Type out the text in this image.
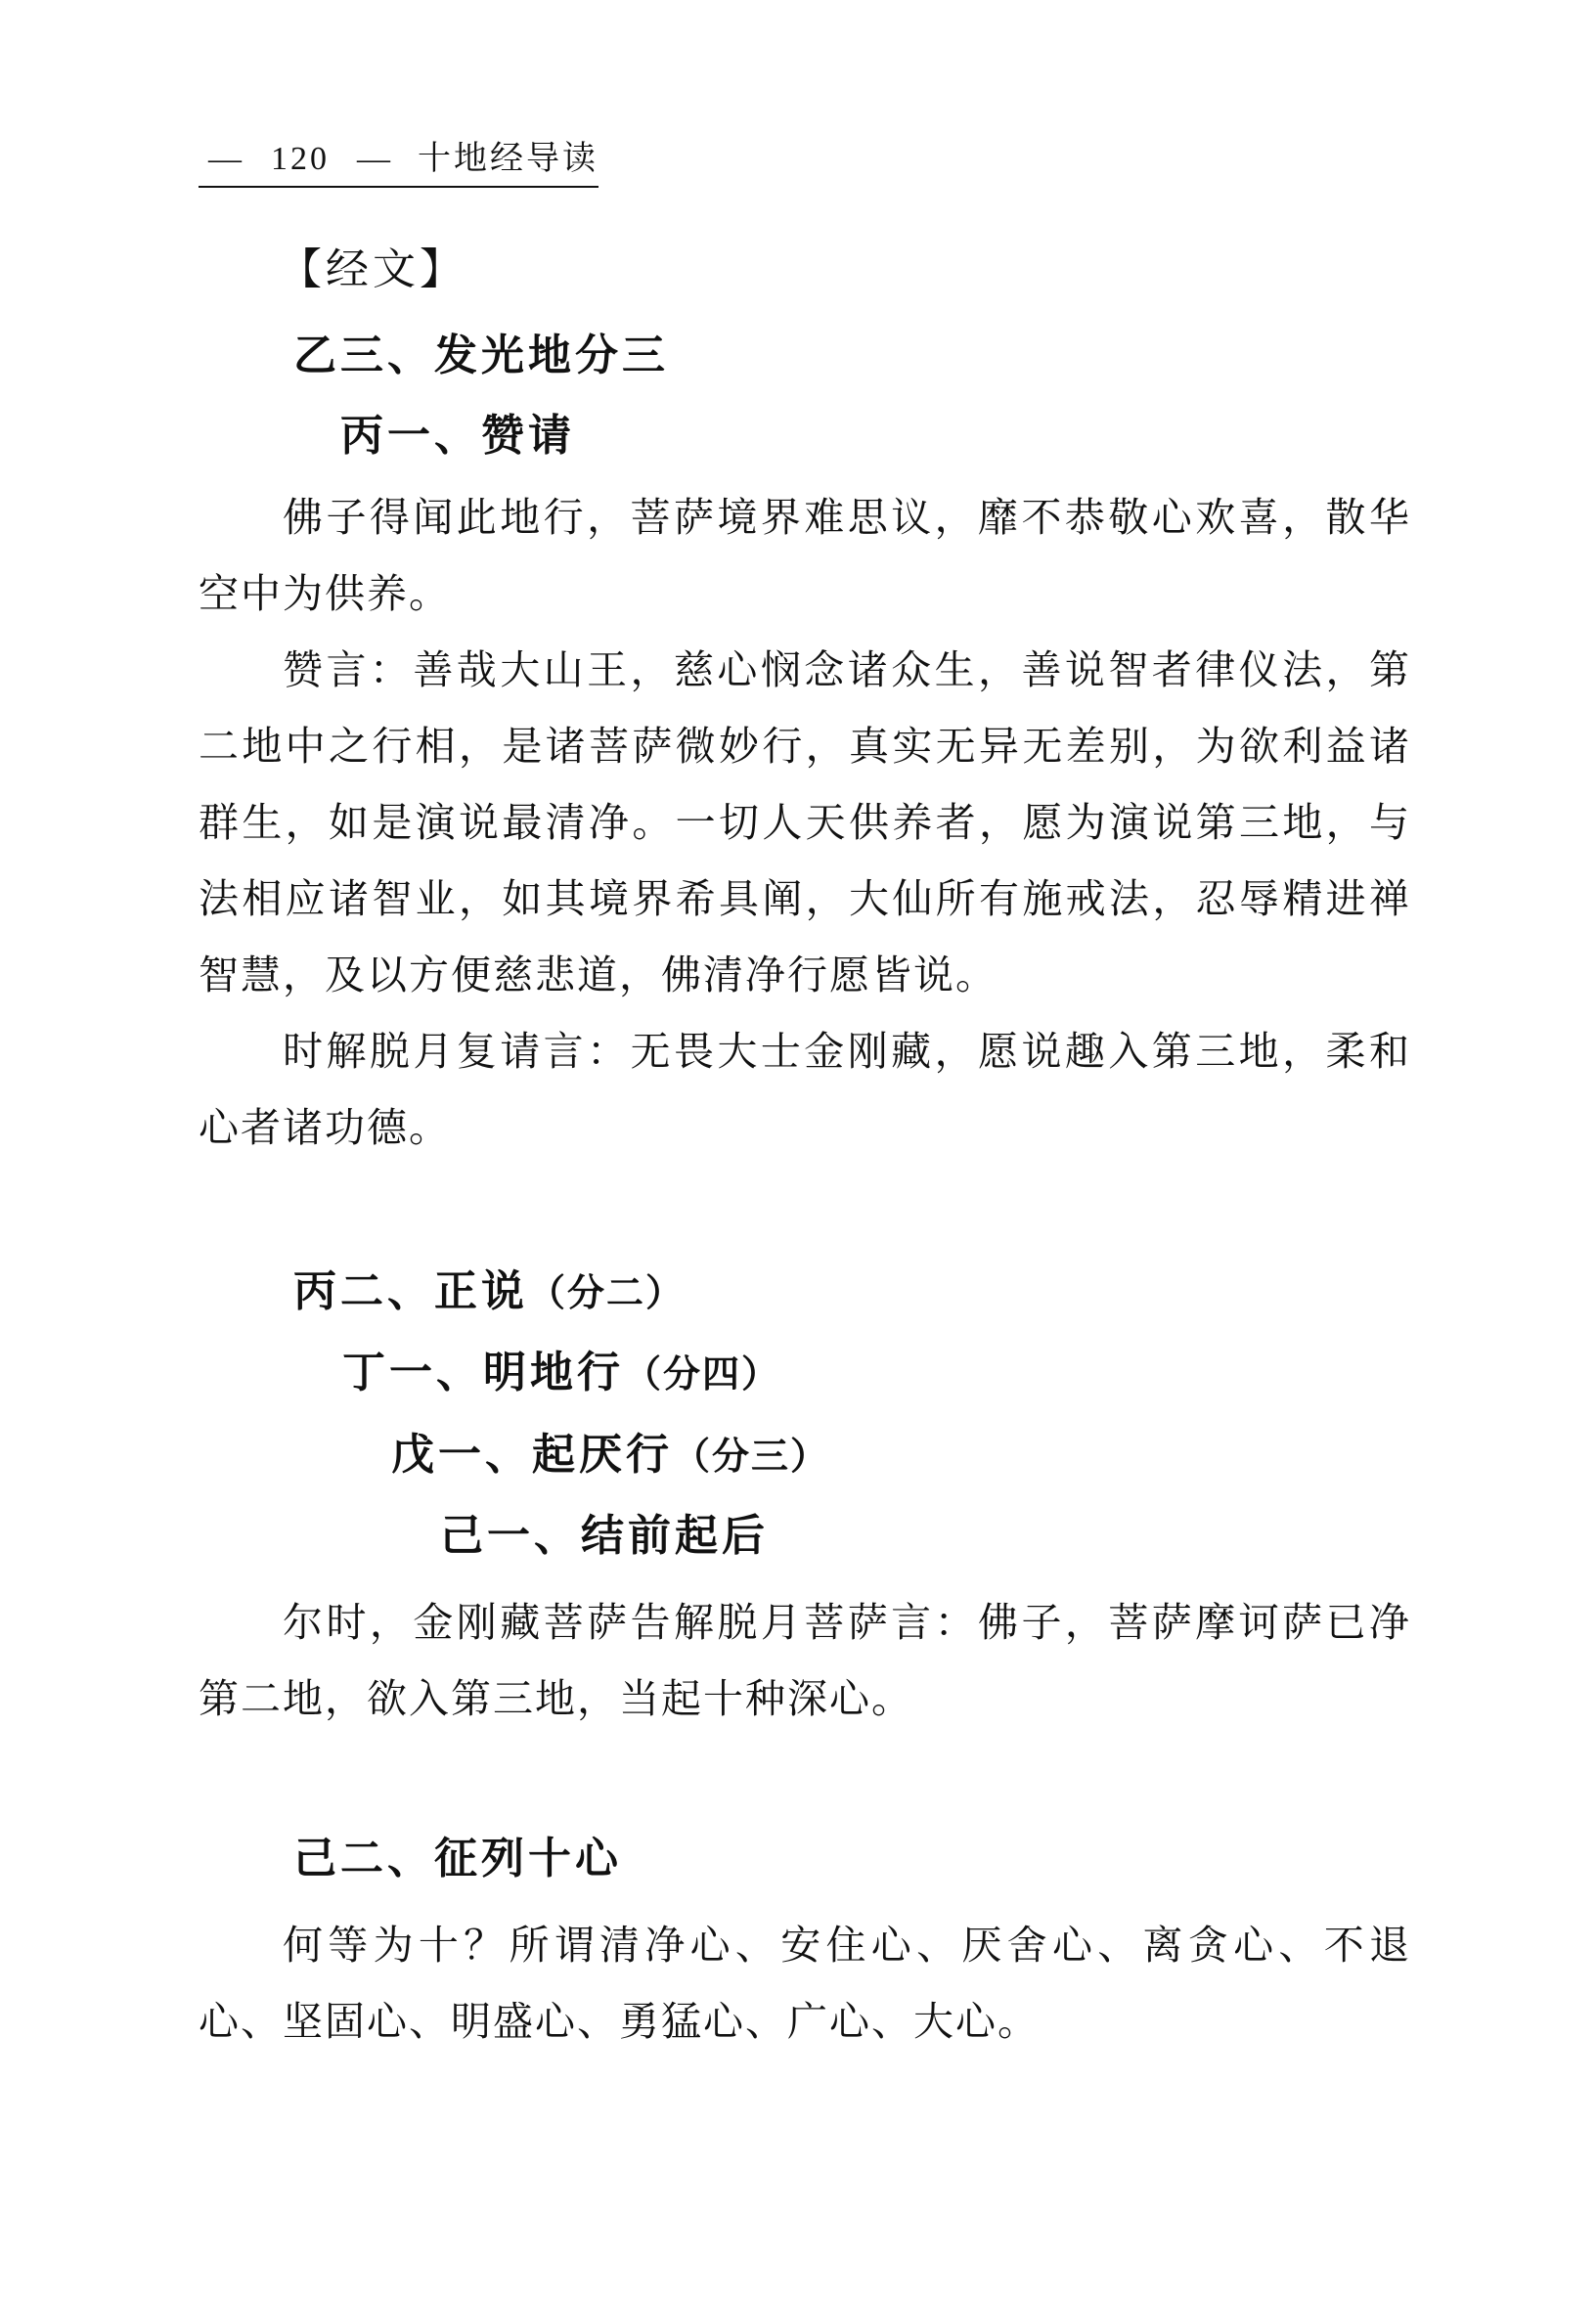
— 120 — 十地经导读
【经文】
乙三、发光地分三
丙一、赞请

佛子得闻此地行，菩萨境界难思议，靡不恭敬心欢喜，散华空中为供养。

赞言：善哉大山王，慈心悯念诸众生，善说智者律仪法，第二地中之行相，是诸菩萨微妙行，真实无异无差别，为欲利益诸群生，如是演说最清净。一切人天供养者，愿为演说第三地，与法相应诸智业，如其境界希具阐，大仙所有施戒法，忍辱精进禅智慧，及以方便慈悲道，佛清净行愿皆说。

时解脱月复请言：无畏大士金刚藏，愿说趣入第三地，柔和心者诸功德。

丙二、正说（分二）
丁一、明地行（分四）
戊一、起厌行（分三）
己一、结前起后

尔时，金刚藏菩萨告解脱月菩萨言：佛子，菩萨摩诃萨已净第二地，欲入第三地，当起十种深心。

己二、征列十心

何等为十？所谓清净心、安住心、厌舍心、离贪心、不退心、坚固心、明盛心、勇猛心、广心、大心。
